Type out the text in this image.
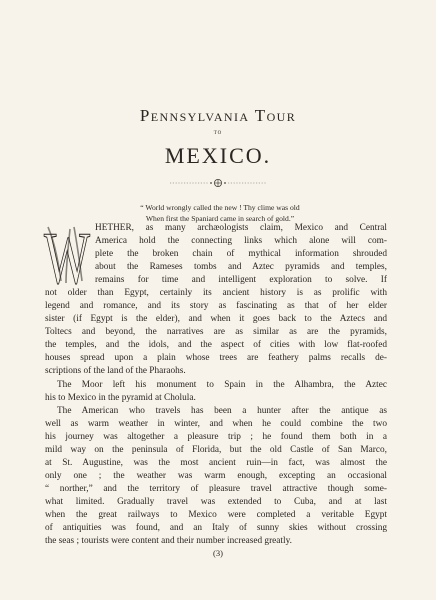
Pennsylvania Tour
TO
MEXICO.
“ World wrongly called the new ! Thy clime was old
When first the Spaniard came in search of gold.”
W HETHER, as many archæologists claim, Mexico and Central
America hold the connecting links which alone will com-
plete the broken chain of mythical information shrouded
about the Rameses tombs and Aztec pyramids and temples,
remains for time and intelligent exploration to solve. If
not older than Egypt, certainly its ancient history is as prolific with
legend and romance, and its story as fascinating as that of her elder
sister (if Egypt is the elder), and when it goes back to the Aztecs and
Toltecs and beyond, the narratives are as similar as are the pyramids,
the temples, and the idols, and the aspect of cities with low flat-roofed
houses spread upon a plain whose trees are feathery palms recalls de-
scriptions of the land of the Pharaohs.
The Moor left his monument to Spain in the Alhambra, the Aztec
his to Mexico in the pyramid at Cholula.
The American who travels has been a hunter after the antique as
well as warm weather in winter, and when he could combine the two
his journey was altogether a pleasure trip ; he found them both in a
mild way on the peninsula of Florida, but the old Castle of San Marco,
at St. Augustine, was the most ancient ruin—in fact, was almost the
only one ; the weather was warm enough, excepting an occasional
“ norther,” and the territory of pleasure travel attractive though some-
what limited. Gradually travel was extended to Cuba, and at last
when the great railways to Mexico were completed a veritable Egypt
of antiquities was found, and an Italy of sunny skies without crossing
the seas ; tourists were content and their number increased greatly.
(3)
